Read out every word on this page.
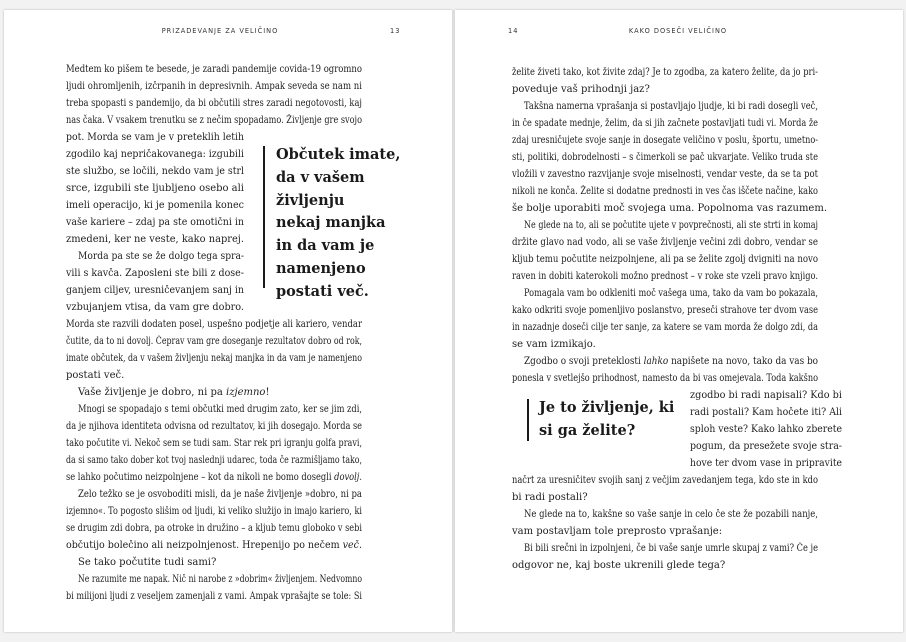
Medtem ko pišem te besede, je zaradi pandemije covida-19 ogromno

ljudi ohromljenih, izčrpanih in depresivnih. Ampak seveda se nam ni

treba spopasti s pandemijo, da bi občutili stres zaradi negotovosti, kaj

nas čaka. V vsakem trenutku se z nečim spopadamo. Življenje gre svojo

pot. Morda se vam je v preteklih letih

zgodilo kaj nepričakovanega: izgubili

ste službo, se ločili, nekdo vam je strl

srce, izgubili ste ljubljeno osebo ali

imeli operacijo, ki je pomenila konec

vaše kariere – zdaj pa ste omotični in

zmedeni, ker ne veste, kako naprej.

Morda pa ste se že dolgo tega spra-

vili s kavča. Zaposleni ste bili z dose-

ganjem ciljev, uresničevanjem sanj in

vzbujanjem vtisa, da vam gre dobro.

Morda ste razvili dodaten posel, uspešno podjetje ali kariero, vendar

čutite, da to ni dovolj. Čeprav vam gre doseganje rezultatov dobro od rok,

imate občutek, da v vašem življenju nekaj manjka in da vam je namenjeno

postati več.

Vaše življenje je dobro, ni pa izjemno!

Mnogi se spopadajo s temi občutki med drugim zato, ker se jim zdi,

da je njihova identiteta odvisna od rezultatov, ki jih dosegajo. Morda se

tako počutite vi. Nekoč sem se tudi sam. Star rek pri igranju golfa pravi,

da si samo tako dober kot tvoj naslednji udarec, toda če razmišljamo tako,

se lahko počutimo neizpolnjene – kot da nikoli ne bomo dosegli dovolj.

Zelo težko se je osvoboditi misli, da je naše življenje »dobro, ni pa

izjemno«. To pogosto slišim od ljudi, ki veliko služijo in imajo kariero, ki

se drugim zdi dobra, pa otroke in družino – a kljub temu globoko v sebi

občutijo bolečino ali neizpolnjenost. Hrepenijo po nečem več.

Se tako počutite tudi sami?

Ne razumite me napak. Nič ni narobe z »dobrim« življenjem. Nedvomno

bi milijoni ljudi z veseljem zamenjali z vami. Ampak vprašajte se tole: Si

želite živeti tako, kot živite zdaj? Je to zgodba, za katero želite, da jo pri-

poveduje vaš prihodnji jaz?

Takšna namerna vprašanja si postavljajo ljudje, ki bi radi dosegli več,

in če spadate mednje, želim, da si jih začnete postavljati tudi vi. Morda že

zdaj uresničujete svoje sanje in dosegate veličino v poslu, športu, umetno-

sti, politiki, dobrodelnosti – s čimerkoli se pač ukvarjate. Veliko truda ste

vložili v zavestno razvijanje svoje miselnosti, vendar veste, da se ta pot

nikoli ne konča. Želite si dodatne prednosti in ves čas iščete načine, kako

še bolje uporabiti moč svojega uma. Popolnoma vas razumem.

Ne glede na to, ali se počutite ujete v povprečnosti, ali ste strti in komaj

držite glavo nad vodo, ali se vaše življenje večini zdi dobro, vendar se

kljub temu počutite neizpolnjene, ali pa se želite zgolj dvigniti na novo

raven in dobiti katerokoli možno prednost – v roke ste vzeli pravo knjigo.

Pomagala vam bo odkleniti moč vašega uma, tako da vam bo pokazala,

kako odkriti svoje pomenljivo poslanstvo, preseči strahove ter dvom vase

in nazadnje doseči cilje ter sanje, za katere se vam morda že dolgo zdi, da

se vam izmikajo.

Zgodbo o svoji preteklosti lahko napišete na novo, tako da vas bo

ponesla v svetlejšo prihodnost, namesto da bi vas omejevala. Toda kakšno

zgodbo bi radi napisali? Kdo bi

radi postali? Kam hočete iti? Ali

sploh veste? Kako lahko zberete

pogum, da presežete svoje stra-

hove ter dvom vase in pripravite

načrt za uresničitev svojih sanj z večjim zavedanjem tega, kdo ste in kdo

bi radi postali?

Ne glede na to, kakšne so vaše sanje in celo če ste že pozabili nanje,

vam postavljam tole preprosto vprašanje:

Bi bili srečni in izpolnjeni, če bi vaše sanje umrle skupaj z vami? Če je

odgovor ne, kaj boste ukrenili glede tega?

Občutek imate,

da v vašem

življenju

nekaj manjka

in da vam je

namenjeno

postati več.

Je to življenje, ki

si ga želite?

PRIZADEVANJE ZA VELIČINO	13	14	KAKO DOSEČI VELIČINO
